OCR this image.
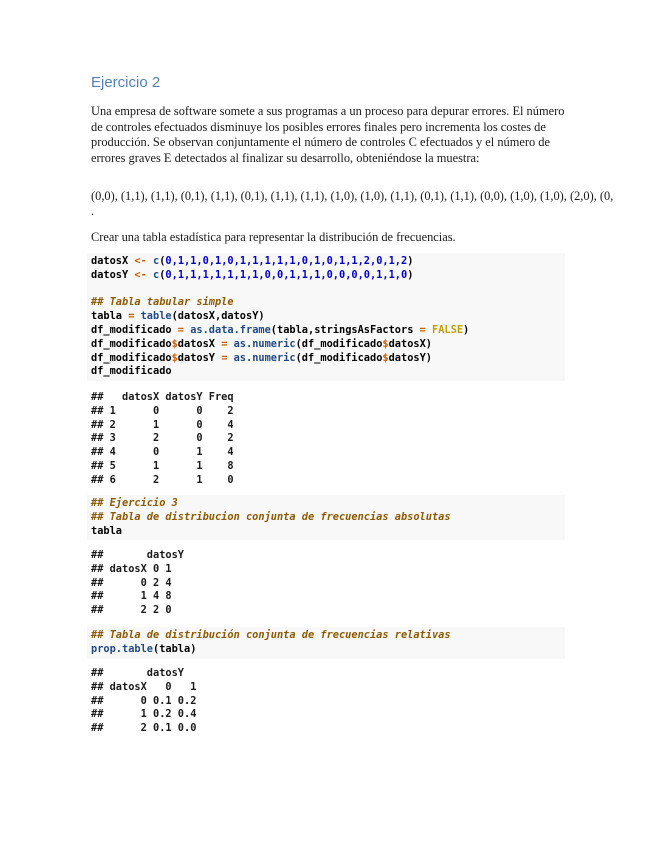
Ejercicio 2

Una empresa de software somete a sus programas a un proceso para depurar errores. El número de controles efectuados disminuye los posibles errores finales pero incrementa los costes de producción. Se observan conjuntamente el número de controles C efectuados y el número de errores graves E detectados al finalizar su desarrollo, obteniéndose la muestra:

(0,0), (1,1), (1,1), (0,1), (1,1), (0,1), (1,1), (1,1), (1,0), (1,0), (1,1), (0,1), (1,1), (0,0), (1,0), (1,0), (2,0), (0,

.

Crear una tabla estadística para representar la distribución de frecuencias.

datosX <- c(0,1,1,0,1,0,1,1,1,1,1,0,1,0,1,1,2,0,1,2)
datosY <- c(0,1,1,1,1,1,1,1,0,0,1,1,1,0,0,0,0,1,1,0)

## Tabla tabular simple
tabla = table(datosX,datosY)
df_modificado = as.data.frame(tabla,stringsAsFactors = FALSE)
df_modificado$datosX = as.numeric(df_modificado$datosX)
df_modificado$datosY = as.numeric(df_modificado$datosY)
df_modificado
##   datosX datosY Freq
## 1      0      0    2
## 2      1      0    4
## 3      2      0    2
## 4      0      1    4
## 5      1      1    8
## 6      2      1    0
## Ejercicio 3
## Tabla de distribucion conjunta de frecuencias absolutas
tabla
##       datosY
## datosX 0 1
##      0 2 4
##      1 4 8
##      2 2 0
## Tabla de distribución conjunta de frecuencias relativas
prop.table(tabla)
##       datosY
## datosX   0   1
##      0 0.1 0.2
##      1 0.2 0.4
##      2 0.1 0.0
